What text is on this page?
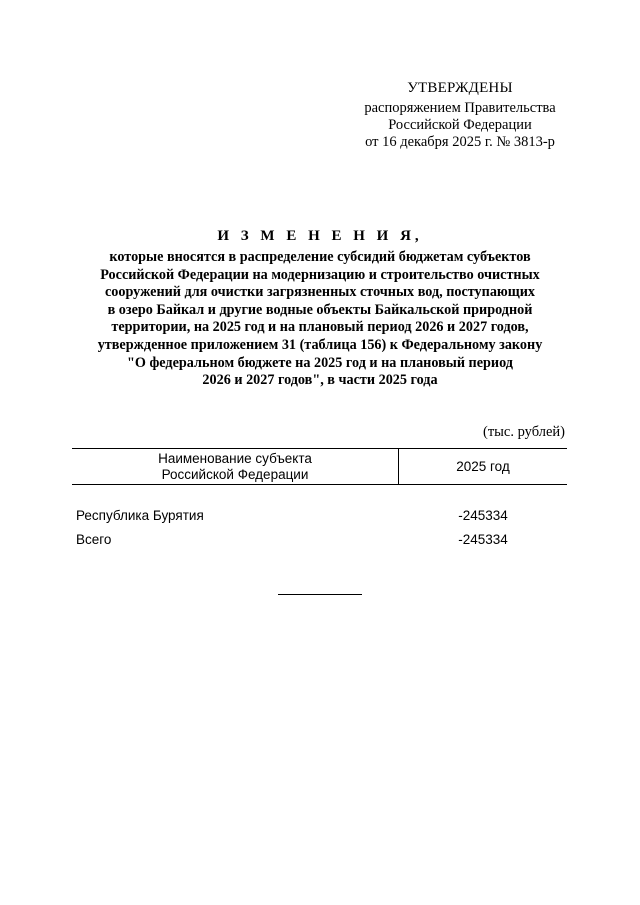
УТВЕРЖДЕНЫ
распоряжением Правительства
Российской Федерации
от 16 декабря 2025 г. № 3813-р
И З М Е Н Е Н И Я,
которые вносятся в распределение субсидий бюджетам субъектов
Российской Федерации на модернизацию и строительство очистных
сооружений для очистки загрязненных сточных вод, поступающих
в озеро Байкал и другие водные объекты Байкальской природной
территории, на 2025 год и на плановый период 2026 и 2027 годов,
утвержденное приложением 31 (таблица 156) к Федеральному закону
"О федеральном бюджете на 2025 год и на плановый период
2026 и 2027 годов", в части 2025 года
(тыс. рублей)
Наименование субъекта
Российской Федерации	2025 год
Республика Бурятия	-245334
Всего	-245334
